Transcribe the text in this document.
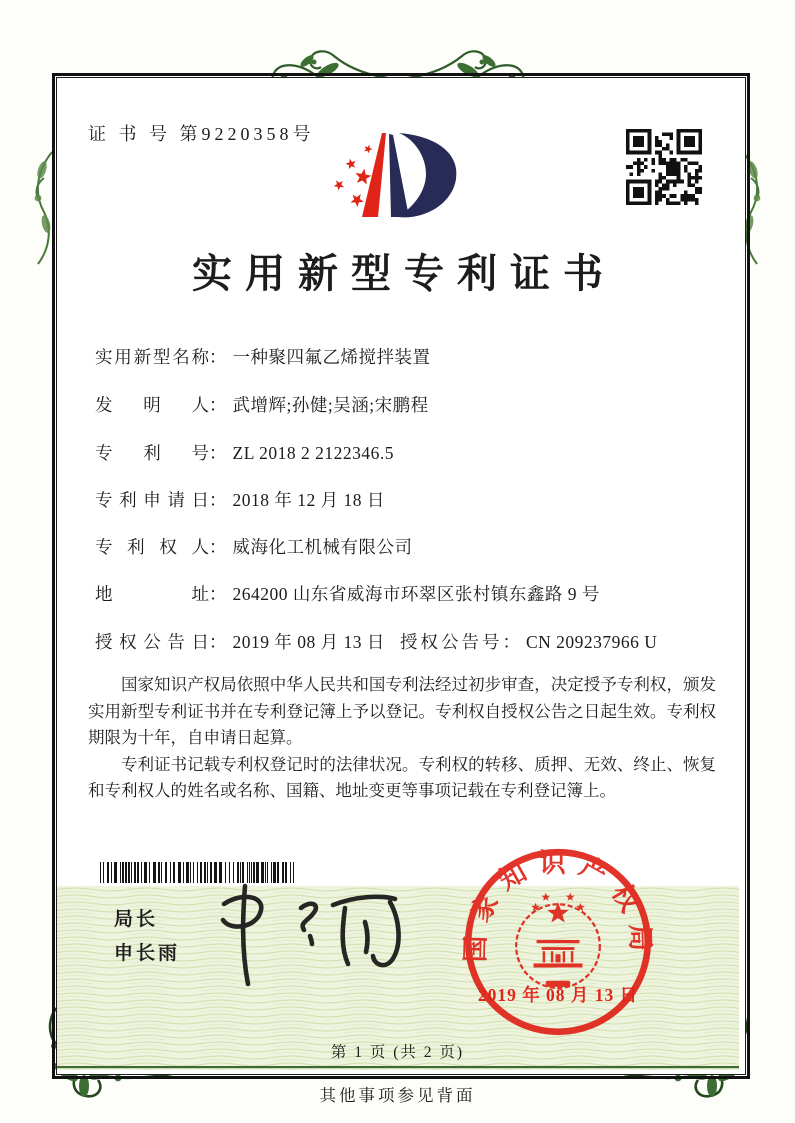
证 书 号 第9220358号
实用新型专利证书
实用新型名称： 一种聚四氟乙烯搅拌装置
发明人： 武增辉;孙健;吴涵;宋鹏程
专利号： ZL 2018 2 2122346.5
专利申请日： 2018 年 12 月 18 日
专利权人： 威海化工机械有限公司
地址： 264200 山东省威海市环翠区张村镇东鑫路 9 号
授权公告日： 2019 年 08 月 13 日 授权公告号： CN 209237966 U

国家知识产权局依照中华人民共和国专利法经过初步审查，决定授予专利权，颁发实用新型专利证书并在专利登记簿上予以登记。专利权自授权公告之日起生效。专利权期限为十年，自申请日起算。

专利证书记载专利权登记时的法律状况。专利权的转移、质押、无效、终止、恢复和专利权人的姓名或名称、国籍、地址变更等事项记载在专利登记簿上。

局长
申长雨	国家知识产权局
2019 年 08 月 13 日
第 1 页 (共 2 页)
其他事项参见背面
